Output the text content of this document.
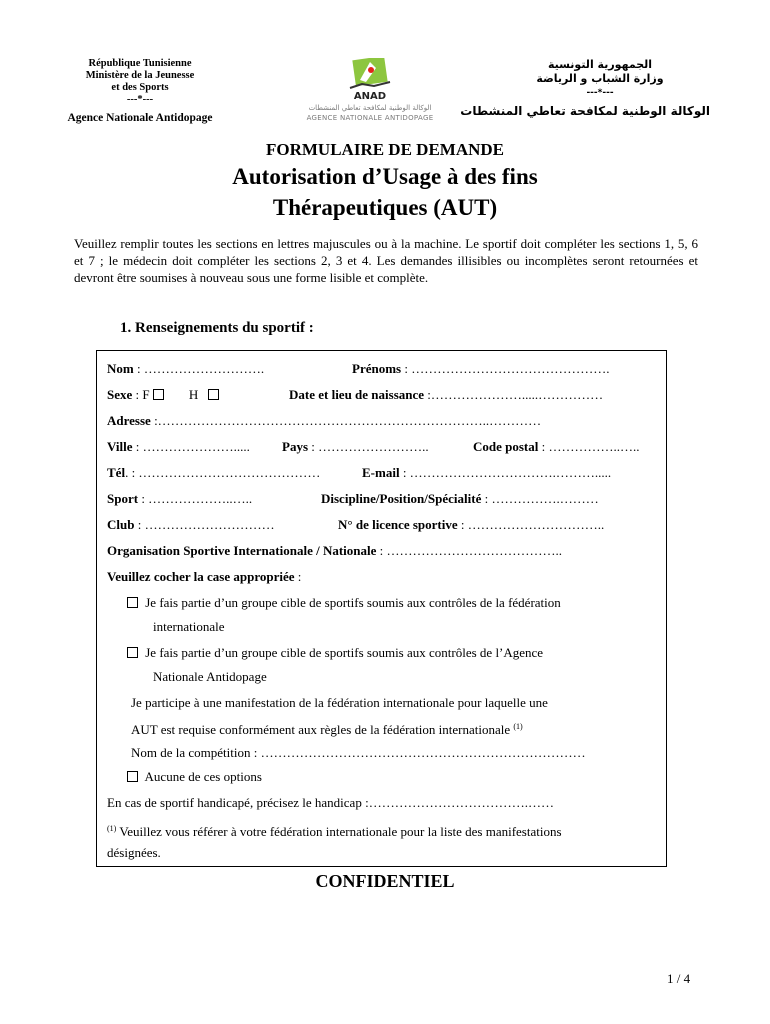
République Tunisienne
Ministère de la Jeunesse
et des Sports
---*---
Agence Nationale Antidopage
ANAD
الوكالة الوطنية لمكافحة تعاطي المنشطات
AGENCE NATIONALE ANTIDOPAGE
الجمهورية التونسية
وزارة الشباب و الرياضة
---*---
الوكالة الوطنية لمكافحة تعاطي المنشطات
FORMULAIRE DE DEMANDE
Autorisation d’Usage à des fins
Thérapeutiques (AUT)
Veuillez remplir toutes les sections en lettres majuscules ou à la machine. Le sportif doit compléter les sections 1, 5, 6 et 7 ; le médecin doit compléter les sections 2, 3 et 4. Les demandes illisibles ou incomplètes seront retournées et devront être soumises à nouveau sous une forme lisible et complète.
1. Renseignements du sportif :
Nom : ……………………….	Prénoms : ……………………………………….
Sexe : F	H	Date et lieu de naissance :………………….....……………
Adresse :…………………………………………………………………..…………
Ville : …………………..... Pays : ……………………..	Code postal : ……………..…..
Tél. : ……………………………………	E-mail : …………………………….……….....
Sport : ………………..…..	Discipline/Position/Spécialité : …………….………
Club : …………………………	N° de licence sportive : …………………………..
Organisation Sportive Internationale / Nationale : …………………………………..
Veuillez cocher la case appropriée :
Je fais partie d’un groupe cible de sportifs soumis aux contrôles de la fédération
internationale
Je fais partie d’un groupe cible de sportifs soumis aux contrôles de l’Agence
Nationale Antidopage
Je participe à une manifestation de la fédération internationale pour laquelle une
AUT est requise conformément aux règles de la fédération internationale $^{(1)}$
Nom de la compétition : …………………………………………………………………
Aucune de ces options
En cas de sportif handicapé, précisez le handicap :……………………………….……
$^{(1)}$ Veuillez vous référer à votre fédération internationale pour la liste des manifestations
désignées.
CONFIDENTIEL
1 / 4
